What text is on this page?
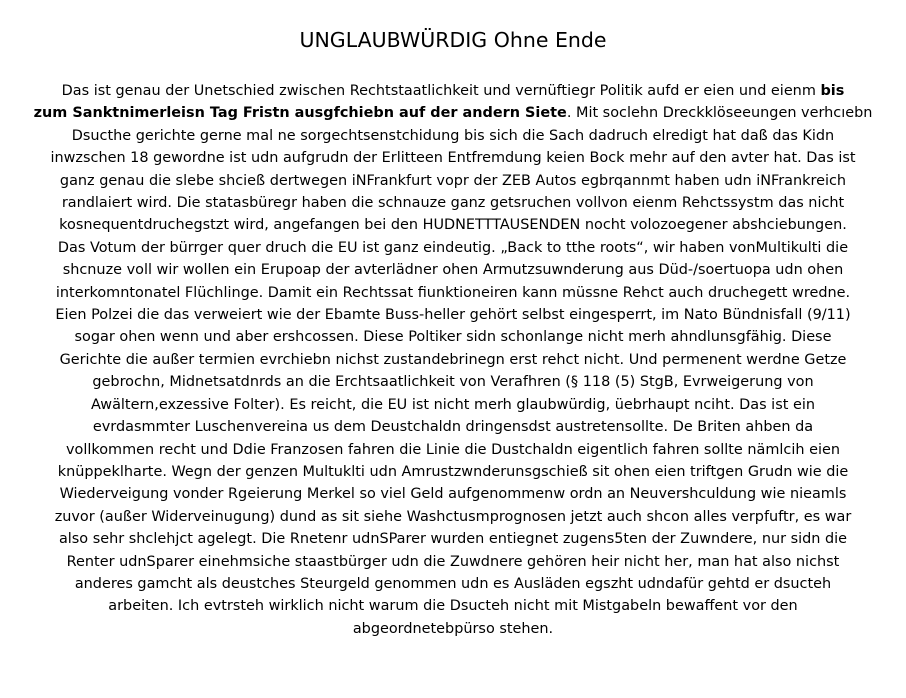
UNGLAUBWÜRDIG Ohne Ende
Das ist genau der Unetschied zwischen Rechtstaatlichkeit und vernüftiegr Politik aufd er eien und eienm bis
zum Sanktnimerleisn Tag Fristn ausgfchiebn auf der andern Siete. Mit soclehn Dreckklöseeungen verhcıebn
Dsucthe gerichte gerne mal ne sorgechtsenstchidung bis sich die Sach dadruch elredigt hat daß das Kidn
inwzschen 18 gewordne ist udn aufgrudn der Erlitteen Entfremdung keien Bock mehr auf den avter hat. Das ist
ganz genau die slebe shcieß dertwegen iNFrankfurt vopr der ZEB Autos egbrqannmt haben udn iNFrankreich
randlaiert wird. Die statasbüregr haben die schnauze ganz getsruchen vollvon eienm Rehctssystm das nicht
kosnequentdruchegstzt wird, angefangen bei den HUDNETTTAUSENDEN nocht volozoegener abshciebungen.
Das Votum der bürrger quer druch die EU ist ganz eindeutig. „Back to tthe roots“, wir haben vonMultikulti die
shcnuze voll wir wollen ein Erupoap der avterlädner ohen Armutzsuwnderung aus Düd-/soertuopa udn ohen
interkomntonatel Flüchlinge. Damit ein Rechtssat fiunktioneiren kann müssne Rehct auch druchegett wredne.
Eien Polzei die das verweiert wie der Ebamte Buss-heller gehört selbst eingesperrt, im Nato Bündnisfall (9/11)
sogar ohen wenn und aber ershcossen. Diese Poltiker sidn schonlange nicht merh ahndlunsgfähig. Diese
Gerichte die außer termien evrchiebn nichst zustandebrinegn erst rehct nicht. Und permenent werdne Getze
gebrochn, Midnetsatdnrds an die Erchtsaatlichkeit von Verafhren (§ 118 (5) StgB, Evrweigerung von
Awältern,exzessive Folter). Es reicht, die EU ist nicht merh glaubwürdig, üebrhaupt nciht. Das ist ein
evrdasmmter Luschenvereina us dem Deustchaldn dringensdst austretensollte. De Briten ahben da
vollkommen recht und Ddie Franzosen fahren die Linie die Dustchaldn eigentlich fahren sollte nämlcih eien
knüppeklharte. Wegn der genzen Multuklti udn Amrustzwnderunsgschieß sit ohen eien triftgen Grudn wie die
Wiederveigung vonder Rgeierung Merkel so viel Geld aufgenommenw ordn an Neuvershculdung wie nieamls
zuvor (außer Widerveinugung) dund as sit siehe Washctusmprognosen jetzt auch shcon alles verpfuftr, es war
also sehr shclehjct agelegt. Die Rnetenr udnSParer wurden entiegnet zugens5ten der Zuwndere, nur sidn die
Renter udnSparer einehmsiche staastbürger udn die Zuwdnere gehören heir nicht her, man hat also nichst
anderes gamcht als deustches Steurgeld genommen udn es Ausläden egszht udndafür gehtd er dsucteh
arbeiten. Ich evtrsteh wirklich nicht warum die Dsucteh nicht mit Mistgabeln bewaffent vor den
abgeordnetebpürso stehen.
